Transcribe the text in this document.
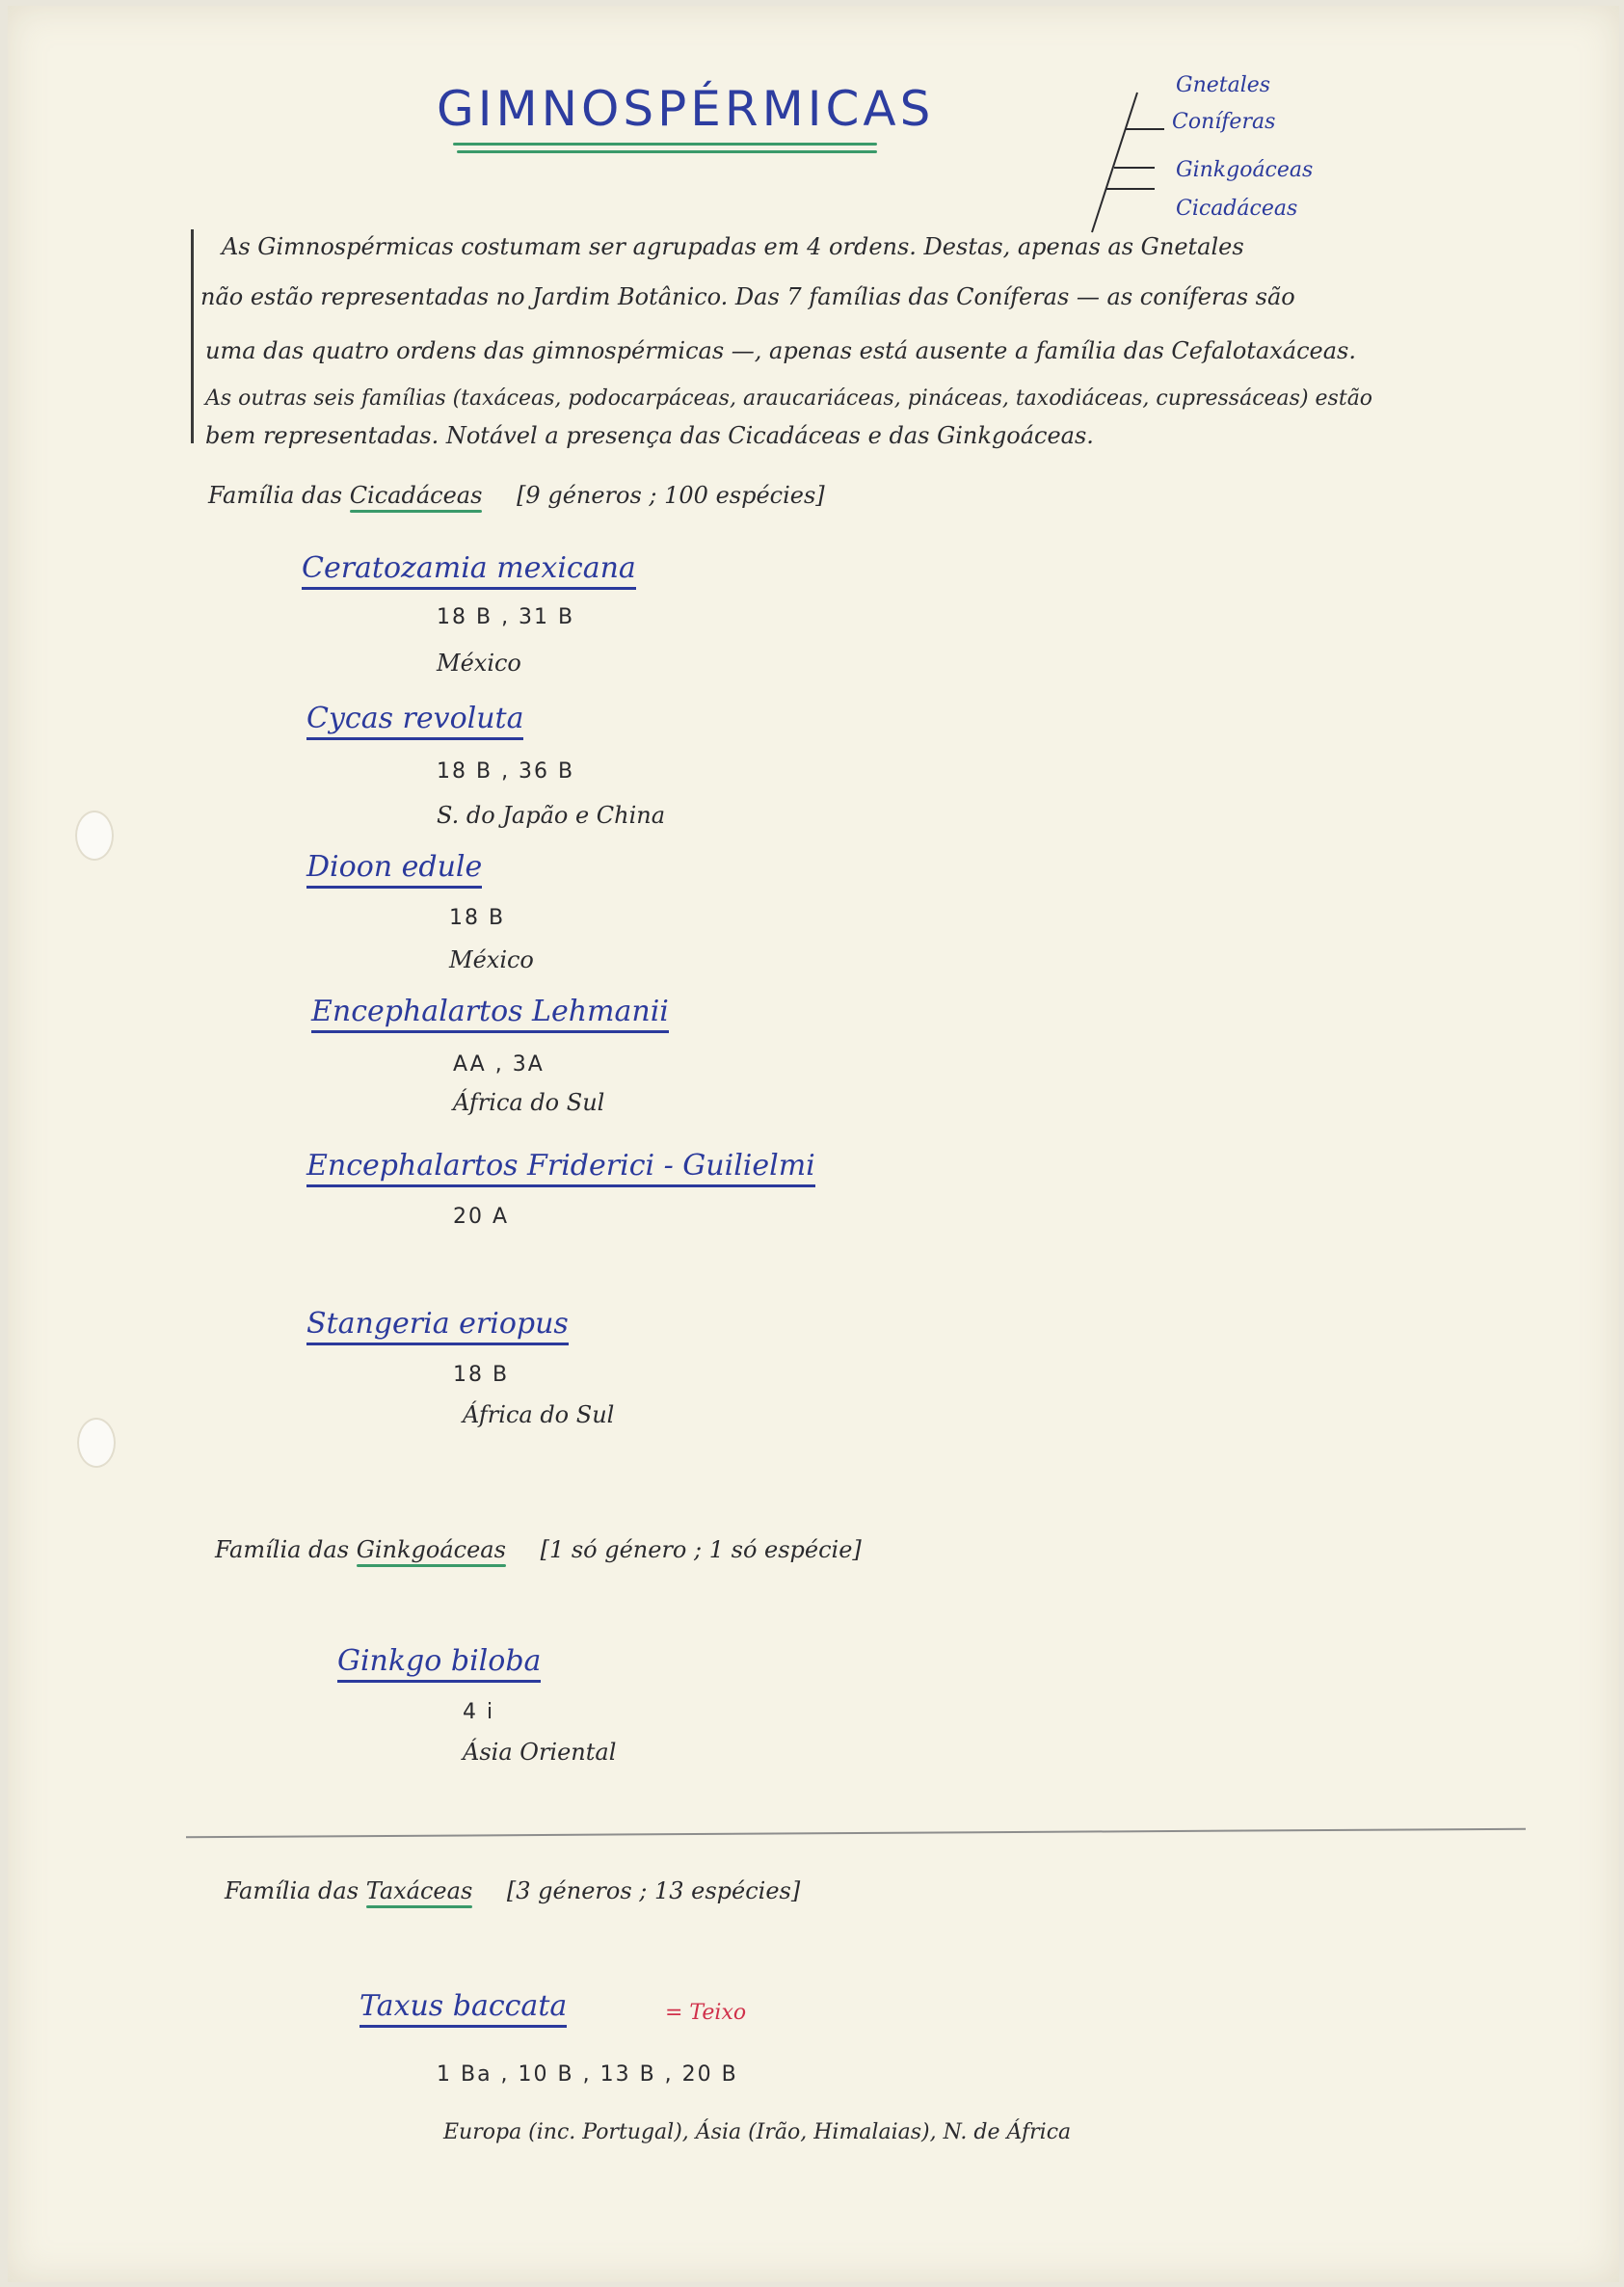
GIMNOSPÉRMICAS	Gnetales
Coníferas
Ginkgoáceas
Cicadáceas
As Gimnospérmicas costumam ser agrupadas em 4 ordens. Destas, apenas as Gnetales
não estão representadas no Jardim Botânico. Das 7 famílias das Coníferas — as coníferas são
uma das quatro ordens das gimnospérmicas —, apenas está ausente a família das Cefalotaxáceas.
As outras seis famílias (taxáceas, podocarpáceas, araucariáceas, pináceas, taxodiáceas, cupressáceas) estão
bem representadas. Notável a presença das Cicadáceas e das Ginkgoáceas.
Família das Cicadáceas [9 géneros ; 100 espécies]
Ceratozamia mexicana
18 B , 31 B
México
Cycas revoluta
18 B , 36 B
S. do Japão e China
Dioon edule
18 B
México
Encephalartos Lehmanii
AA , 3A
África do Sul
Encephalartos Friderici - Guilielmi
20 A
Stangeria eriopus
18 B
África do Sul
Família das Ginkgoáceas [1 só género ; 1 só espécie]
Ginkgo biloba
4 i
Ásia Oriental
Família das Taxáceas [3 géneros ; 13 espécies]
Taxus baccata	= Teixo
1 Ba , 10 B , 13 B , 20 B
Europa (inc. Portugal), Ásia (Irão, Himalaias), N. de África
